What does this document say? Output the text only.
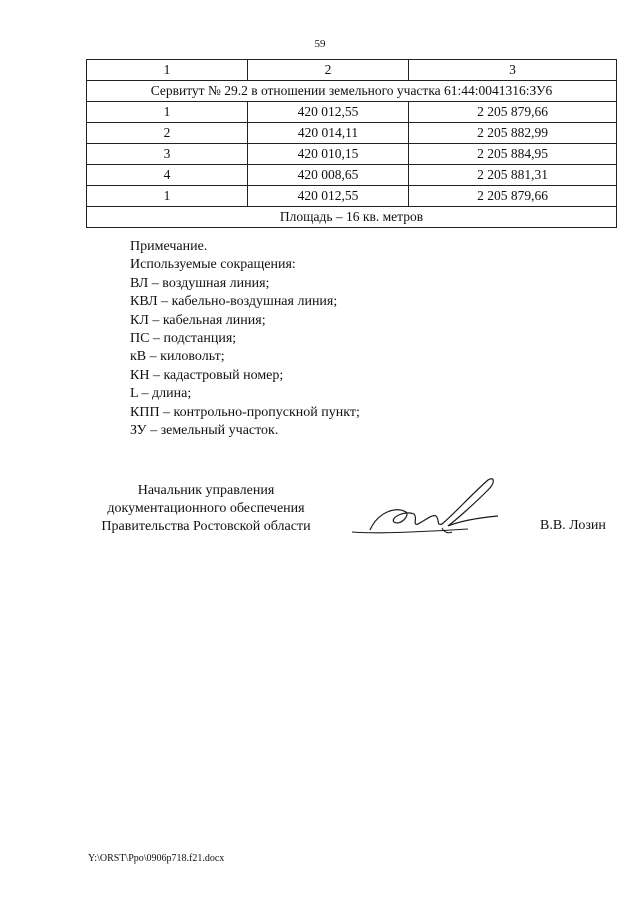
59
1	2	3
Сервитут № 29.2 в отношении земельного участка 61:44:0041316:ЗУ6		
1	420 012,55	2 205 879,66
2	420 014,11	2 205 882,99
3	420 010,15	2 205 884,95
4	420 008,65	2 205 881,31
1	420 012,55	2 205 879,66
Площадь – 16 кв. метров		
Примечание.
Используемые сокращения:
ВЛ – воздушная линия;
КВЛ – кабельно-воздушная линия;
КЛ – кабельная линия;
ПС – подстанция;
кВ – киловольт;
КН – кадастровый номер;
L – длина;
КПП – контрольно-пропускной пункт;
ЗУ – земельный участок.
Начальник управления
документационного обеспечения
Правительства Ростовской области	В.В. Лозин
Y:\ORST\Ppo\0906p718.f21.docx
